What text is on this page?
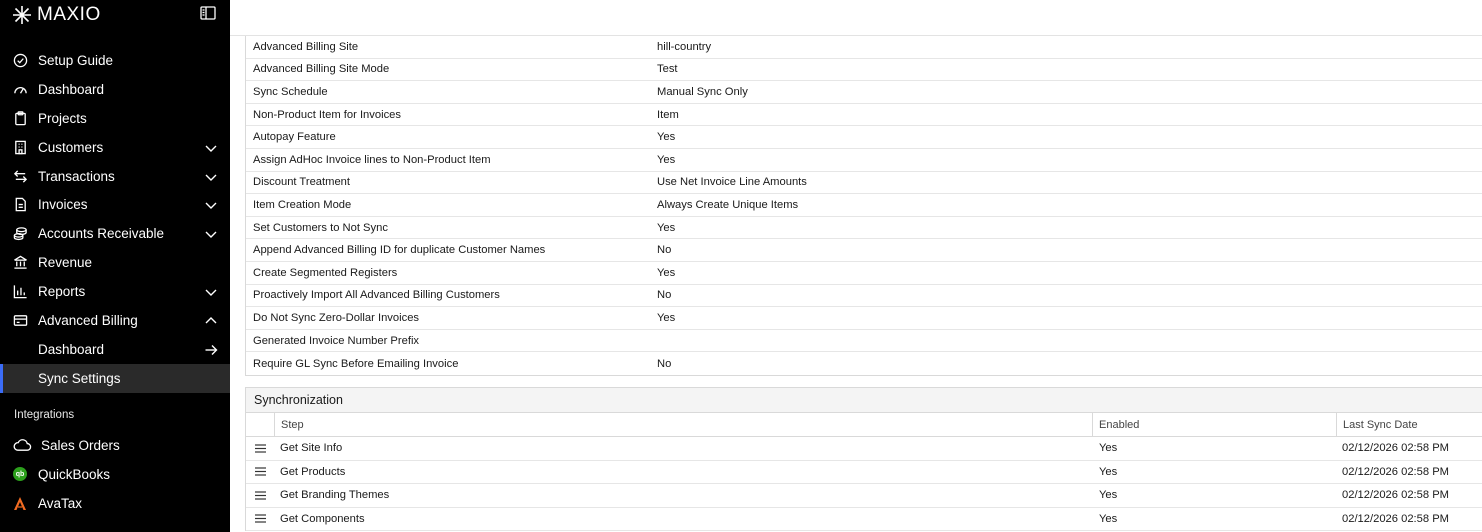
MAXIO
Setup Guide
Dashboard
Projects
Customers
Transactions
Invoices
Accounts Receivable
Revenue
Reports
Advanced Billing
Dashboard
Sync Settings
Integrations
Sales Orders
qb QuickBooks
AvaTax
Advanced Billing Site	hill-country
Advanced Billing Site Mode	Test
Sync Schedule	Manual Sync Only
Non-Product Item for Invoices	Item
Autopay Feature	Yes
Assign AdHoc Invoice lines to Non-Product Item	Yes
Discount Treatment	Use Net Invoice Line Amounts
Item Creation Mode	Always Create Unique Items
Set Customers to Not Sync	Yes
Append Advanced Billing ID for duplicate Customer Names	No
Create Segmented Registers	Yes
Proactively Import All Advanced Billing Customers	No
Do Not Sync Zero-Dollar Invoices	Yes
Generated Invoice Number Prefix
Require GL Sync Before Emailing Invoice	No
Synchronization
Step	Enabled	Last Sync Date
Get Site Info	Yes	02/12/2026 02:58 PM
Get Products	Yes	02/12/2026 02:58 PM
Get Branding Themes	Yes	02/12/2026 02:58 PM
Get Components	Yes	02/12/2026 02:58 PM
